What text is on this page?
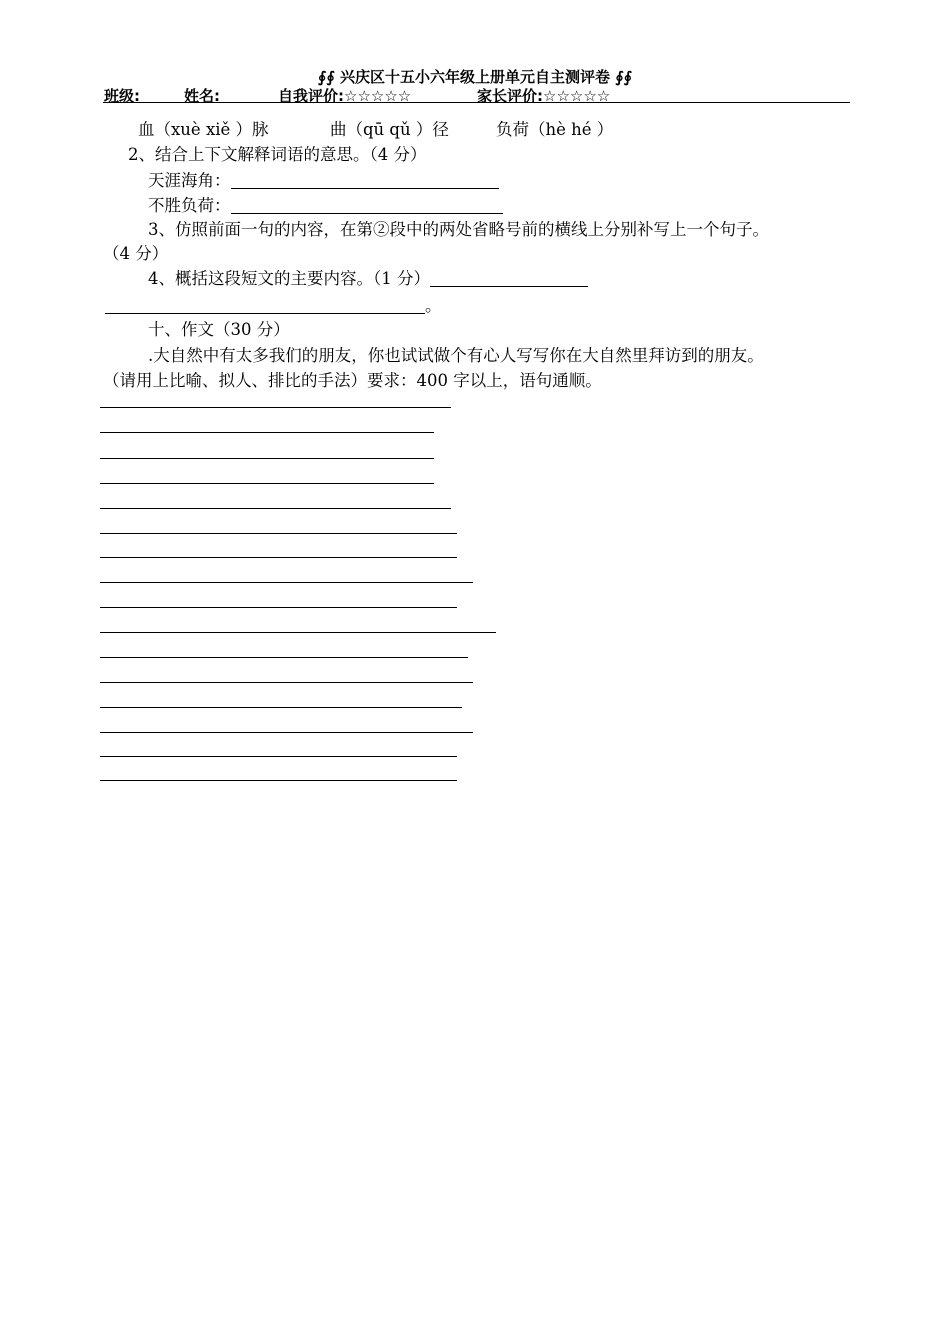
∮∮ 兴庆区十五小六年级上册单元自主测评卷 ∮∮
班级:	姓名:	自我评价:☆☆☆☆☆	家长评价:☆☆☆☆☆
血（xuè xiě ）脉	曲（qū qǔ ）径	负荷（hè hé ）
2、结合上下文解释词语的意思。（4 分）
天涯海角：
不胜负荷：
3、仿照前面一句的内容，在第②段中的两处省略号前的横线上分别补写上一个句子。
（4 分）
4、概括这段短文的主要内容。（1 分）
。
十、作文（30 分）
.大自然中有太多我们的朋友，你也试试做个有心人写写你在大自然里拜访到的朋友。
（请用上比喻、拟人、排比的手法）要求：400 字以上，语句通顺。
